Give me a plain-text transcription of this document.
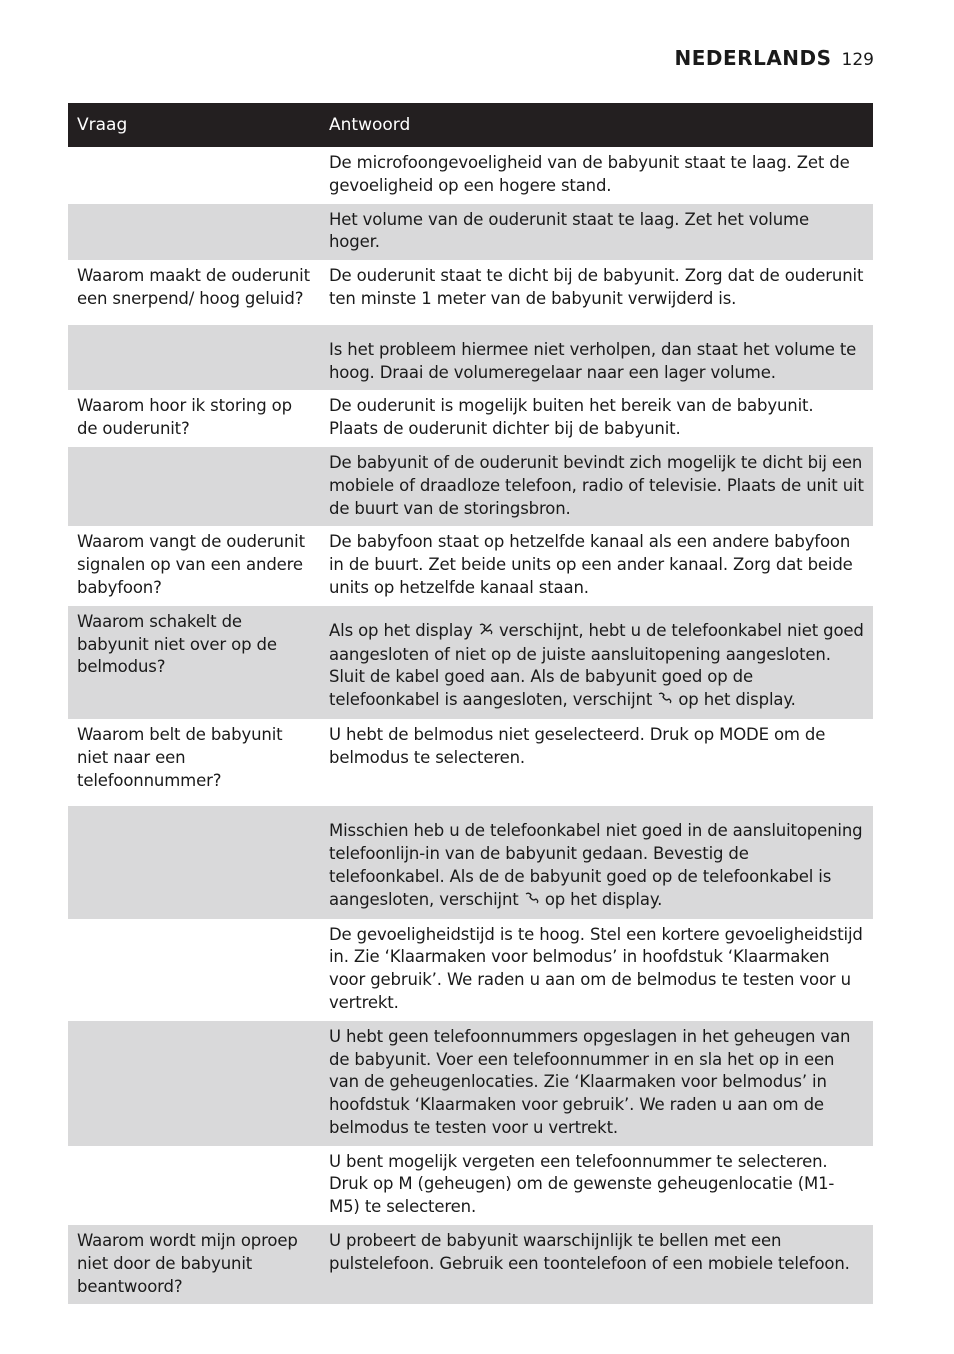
NEDERLANDS 129
Vraag	Antwoord
	De microfoongevoeligheid van de babyunit staat te laag. Zet de gevoeligheid op een hogere stand.
	Het volume van de ouderunit staat te laag. Zet het volume hoger.
Waarom maakt de ouderunit een snerpend/ hoog geluid?	De ouderunit staat te dicht bij de babyunit. Zorg dat de ouderunit ten minste 1 meter van de babyunit verwijderd is.
	Is het probleem hiermee niet verholpen, dan staat het volume te hoog. Draai de volumeregelaar naar een lager volume.
Waarom hoor ik storing op de ouderunit?	De ouderunit is mogelijk buiten het bereik van de babyunit. Plaats de ouderunit dichter bij de babyunit.
	De babyunit of de ouderunit bevindt zich mogelijk te dicht bij een mobiele of draadloze telefoon, radio of televisie. Plaats de unit uit de buurt van de storingsbron.
Waarom vangt de ouderunit signalen op van een andere babyfoon?	De babyfoon staat op hetzelfde kanaal als een andere babyfoon in de buurt. Zet beide units op een ander kanaal. Zorg dat beide units op hetzelfde kanaal staan.
Waarom schakelt de babyunit niet over op de belmodus?	Als op het display  verschijnt, hebt u de telefoonkabel niet goed aangesloten of niet op de juiste aansluitopening aangesloten. Sluit de kabel goed aan. Als de babyunit goed op de telefoonkabel is aangesloten, verschijnt  op het display.
Waarom belt de babyunit niet naar een telefoonnummer?	U hebt de belmodus niet geselecteerd. Druk op MODE om de belmodus te selecteren.
	Misschien heb u de telefoonkabel niet goed in de aansluitopening telefoonlijn-in van de babyunit gedaan. Bevestig de telefoonkabel. Als de de babyunit goed op de telefoonkabel is aangesloten, verschijnt  op het display.
	De gevoeligheidstijd is te hoog. Stel een kortere gevoeligheidstijd in. Zie ‘Klaarmaken voor belmodus’ in hoofdstuk ‘Klaarmaken voor gebruik’. We raden u aan om de belmodus te testen voor u vertrekt.
	U hebt geen telefoonnummers opgeslagen in het geheugen van de babyunit. Voer een telefoonnummer in en sla het op in een van de geheugenlocaties. Zie ‘Klaarmaken voor belmodus’ in hoofdstuk ‘Klaarmaken voor gebruik’. We raden u aan om de belmodus te testen voor u vertrekt.
	U bent mogelijk vergeten een telefoonnummer te selecteren. Druk op M (geheugen) om de gewenste geheugenlocatie (M1-M5) te selecteren.
Waarom wordt mijn oproep niet door de babyunit beantwoord?	U probeert de babyunit waarschijnlijk te bellen met een pulstelefoon. Gebruik een toontelefoon of een mobiele telefoon.
